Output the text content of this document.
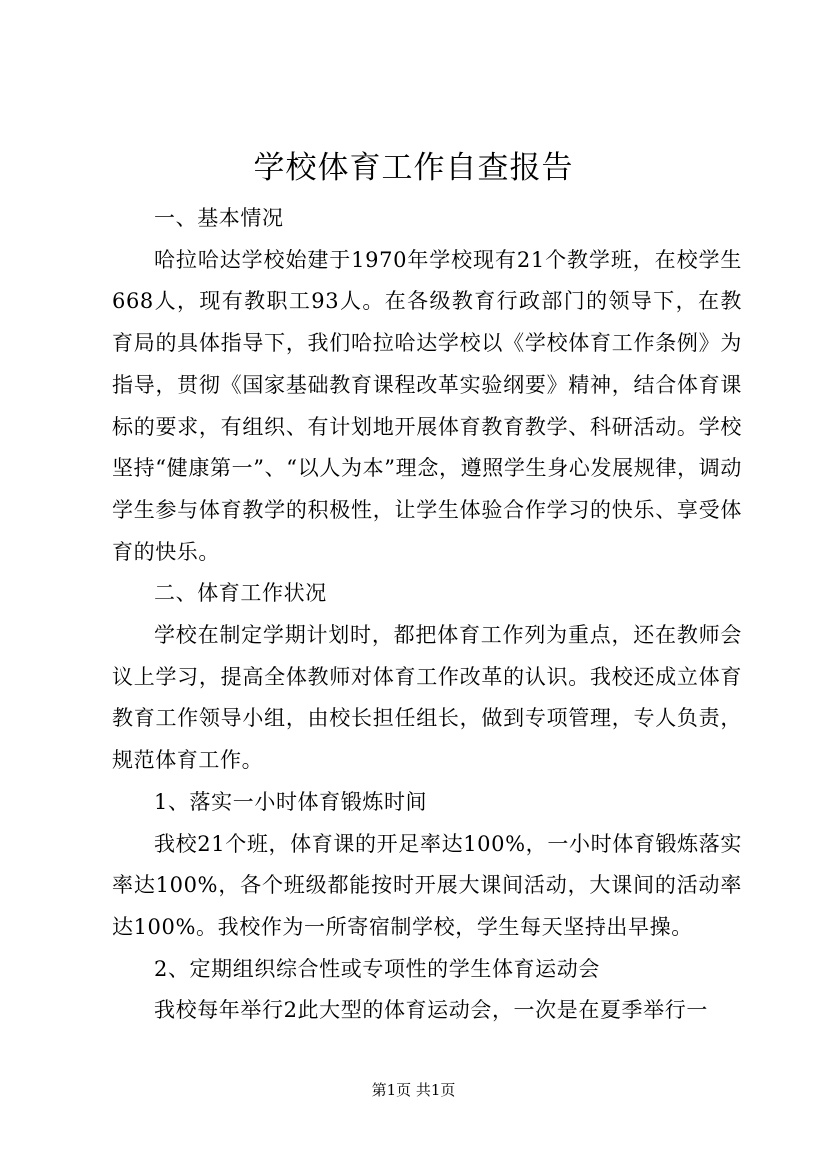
学校体育工作自查报告

一、基本情况

哈拉哈达学校始建于1970年学校现有21个教学班，在校学生668人，现有教职工93人。在各级教育行政部门的领导下，在教育局的具体指导下，我们哈拉哈达学校以《学校体育工作条例》为指导，贯彻《国家基础教育课程改革实验纲要》精神，结合体育课标的要求，有组织、有计划地开展体育教育教学、科研活动。学校坚持“健康第一”、“以人为本”理念，遵照学生身心发展规律，调动学生参与体育教学的积极性，让学生体验合作学习的快乐、享受体育的快乐。

二、体育工作状况

学校在制定学期计划时，都把体育工作列为重点，还在教师会议上学习，提高全体教师对体育工作改革的认识。我校还成立体育教育工作领导小组，由校长担任组长，做到专项管理，专人负责，规范体育工作。

1、落实一小时体育锻炼时间

我校21个班，体育课的开足率达100%，一小时体育锻炼落实率达100%，各个班级都能按时开展大课间活动，大课间的活动率达100%。我校作为一所寄宿制学校，学生每天坚持出早操。

2、定期组织综合性或专项性的学生体育运动会

我校每年举行2此大型的体育运动会，一次是在夏季举行一

第1页 共1页
